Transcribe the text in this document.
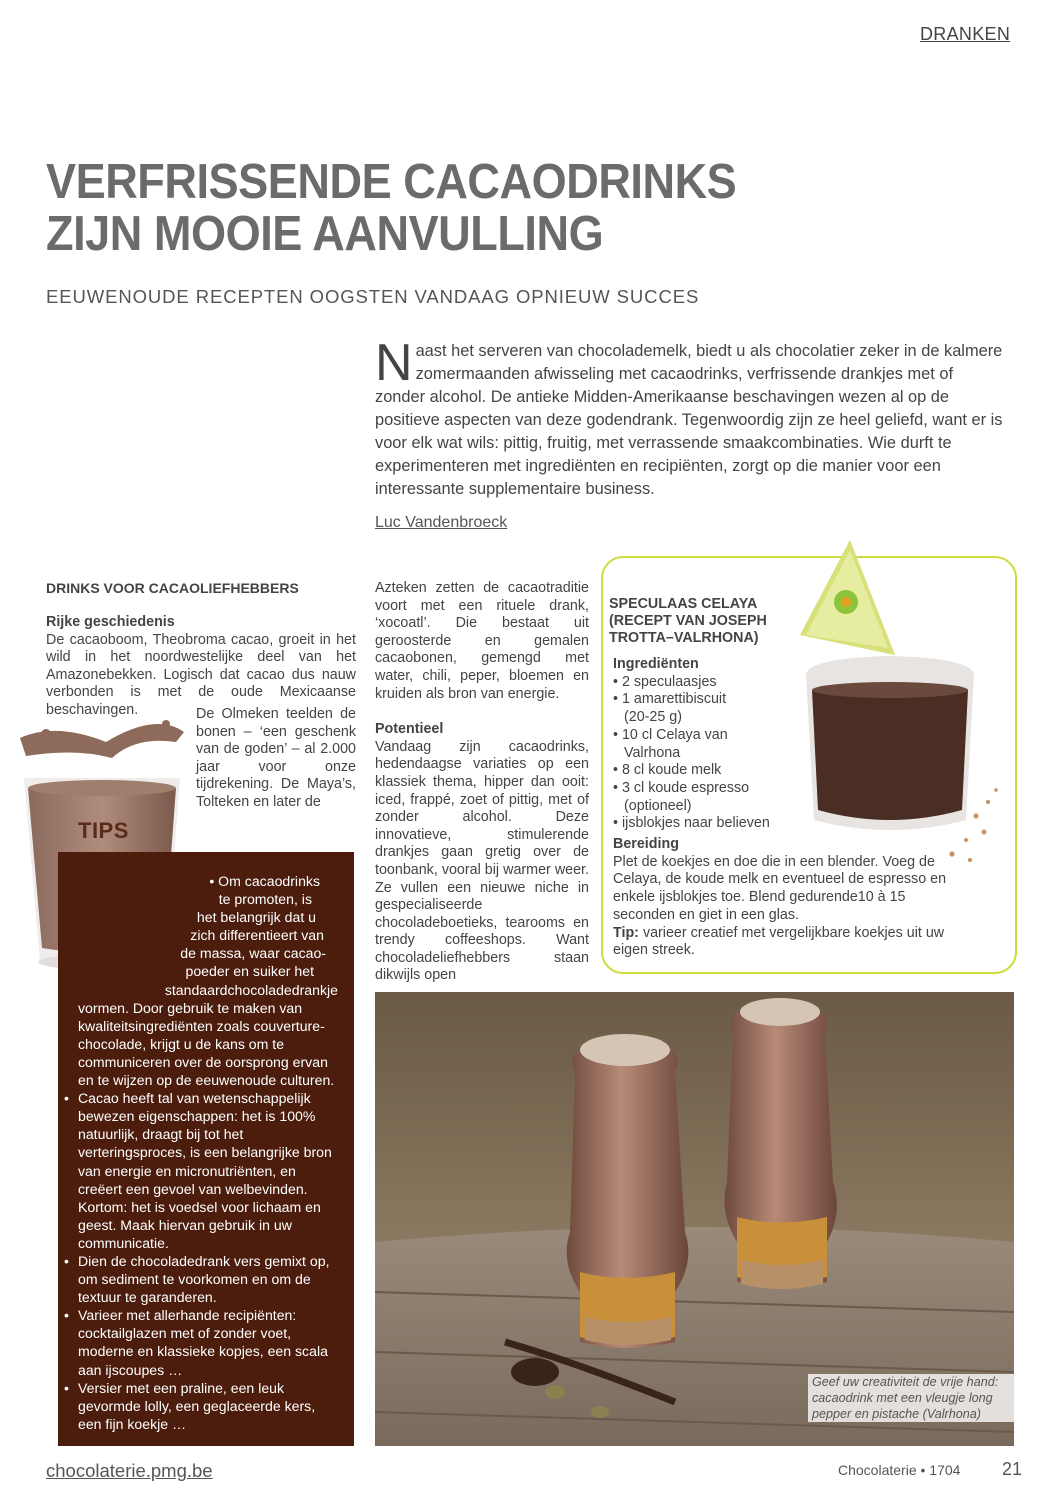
DRANKEN
VERFRISSENDE CACAODRINKS
ZIJN MOOIE AANVULLING
EEUWENOUDE RECEPTEN OOGSTEN VANDAAG OPNIEUW SUCCES
Naast het serveren van chocolademelk, biedt u als chocolatier zeker in de kalmere zomermaanden afwisseling met cacaodrinks, verfrissende drankjes met of zonder alcohol. De antieke Midden-Amerikaanse beschavingen wezen al op de positieve aspecten van deze godendrank. Tegenwoordig zijn ze heel geliefd, want er is voor elk wat wils: pittig, fruitig, met verrassende smaakcombinaties. Wie durft te experimenteren met ingrediënten en recipiënten, zorgt op die manier voor een interessante supplementaire business.
Luc Vandenbroeck
DRINKS VOOR CACAOLIEFHEBBERS
Rijke geschiedenis

De cacaoboom, Theobroma cacao, groeit in het wild in het noordwestelijke deel van het Amazonebekken. Logisch dat cacao dus nauw verbonden is met de oude Mexicaanse beschavingen.	De Olmeken teelden de bonen – ‘een geschenk van de goden’ – al 2.000 jaar voor onze tijdrekening. De Maya’s, Tolteken en later de

TIPS
• Om cacaodrinks
te promoten, is
het belangrijk dat u
zich differentieert van
de massa, waar cacao-
poeder en suiker het
standaardchocoladedrankje
vormen. Door gebruik te maken van kwaliteitsingrediënten zoals couverture-chocolade, krijgt u de kans om te communiceren over de oorsprong ervan en te wijzen op de eeuwenoude culturen.
• Cacao heeft tal van wetenschappelijk bewezen eigenschappen: het is 100% natuurlijk, draagt bij tot het verteringsproces, is een belangrijke bron van energie en micronutriënten, en creëert een gevoel van welbevinden. Kortom: het is voedsel voor lichaam en geest. Maak hiervan gebruik in uw communicatie.
• Dien de chocoladedrank vers gemixt op, om sediment te voorkomen en om de textuur te garanderen.
• Varieer met allerhande recipiënten: cocktailglazen met of zonder voet, moderne en klassieke kopjes, een scala aan ijscoupes …
• Versier met een praline, een leuk gevormde lolly, een geglaceerde kers, een fijn koekje …

Azteken zetten de cacaotraditie voort met een rituele drank, ‘xocoatl’. Die bestaat uit geroosterde en gemalen cacaobonen, gemengd met water, chili, peper, bloemen en kruiden als bron van energie.

Potentieel

Vandaag zijn cacaodrinks, hedendaagse variaties op een klassiek thema, hipper dan ooit: iced, frappé, zoet of pittig, met of zonder alcohol. Deze innovatieve, stimulerende drankjes gaan gretig over de toonbank, vooral bij warmer weer. Ze vullen een nieuwe niche in gespecialiseerde chocoladeboetieks, tearooms en trendy coffeeshops. Want chocoladeliefhebbers staan dikwijls open

SPECULAAS CELAYA (RECEPT VAN JOSEPH TROTTA–VALRHONA)
Ingrediënten
• 2 speculaasjes
• 1 amarettibiscuit (20-25 g)
• 10 cl Celaya van Valrhona
• 8 cl koude melk
• 3 cl koude espresso (optioneel)
• ijsblokjes naar believen
Bereiding
Plet de koekjes en doe die in een blender. Voeg de Celaya, de koude melk en eventueel de espresso en enkele ijsblokjes toe. Blend gedurende10 à 15 seconden en giet in een glas.
Tip: varieer creatief met vergelijkbare koekjes uit uw eigen streek.
Geef uw creativiteit de vrije hand: cacaodrink met een vleugje long pepper en pistache (Valrhona)
chocolaterie.pmg.be	Chocolaterie • 1704 21
